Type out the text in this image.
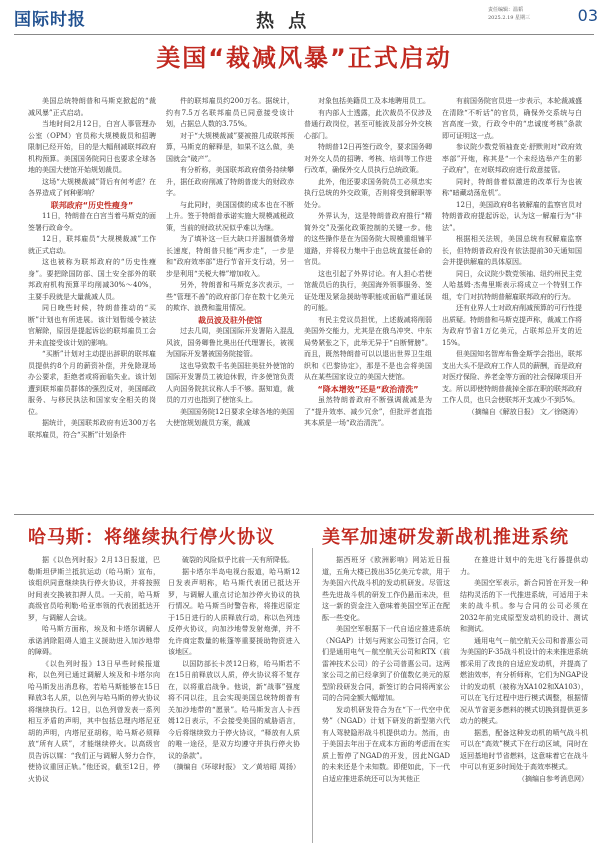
国际时报	热 点
责任编辑：温韬
2025.2.19 星期三	03
美国“裁减风暴”正式启动

美国总统特朗普和马斯克掀起的“裁减风暴”正式启动。

当地时间2月12日，白宫人事管理办公室（OPM）官员称大规模裁员和招聘限制已经开始，目的是大幅削减联邦政府机构预算。美国国务院同日也要求全球各地的美国大使馆开始规划裁员。

这场“大规模裁减”背后有何考虑？在各界造成了何种影响？

联邦政府“历史性瘦身”

11日，特朗普在白宫当着马斯克的面签署行政命令。

12日，联邦雇员“大规模裁减”工作就正式启动。

这也被称为联邦政府的“历史性瘦身”。要把除国防部、国土安全部外的联邦政府机构预算平均削减30%～40%，主要手段就是大量裁减人员。

同日晚些时候，特朗普推动的“买断”计划也有所进展。该计划暂缓令被法官解除，原因是提起诉讼的联邦雇员工会并未直接受该计划的影响。

“买断”计划对主动提出辞职的联邦雇员提供约8个月的薪资补偿，并免除现场办公要求，拒绝者或将面临失业。该计划遭到联邦雇员群体的强烈反对，美国邮政服务、与移民执法和国家安全相关的岗位。

据统计，美国联邦政府有近300万名联邦雇员，符合“买断”计划条件

件的联邦雇员约200万名。据统计，约有7.5万名联邦雇员已同意接受该计划，占据总人数的3.75%。

对于“大规模裁减”要被推几成联邦预算，马斯克的解释是，如果不这么做，美国就会“破产”。

有分析称，美国联邦政府债务持续攀升，据任政府削减了特朗普庞大的财政赤字。

与此同时，美国国债的成本也在不断上升。签于特朗普承诺实施大规模减税政策，当前的财政状况似乎难以为继。

为了填补这一巨大缺口并遏制债务增长速度，特朗普只能“两步走”，一步是和“政府效率部”进行节省开支行动，另一步是利用“关税大棒”增加收入。

另外，特朗普和马斯克多次表示，一些“管理不善”的政府部门存在数十亿美元的欺诈、浪费和滥用情况。

裁员波及驻外使馆

过去几周，美国国际开发署陷入混乱风波，国务卿鲁比奥出任代理署长，被视为国际开发署被国务院接管。

这也导致数千名美国驻美驻外使馆的国际开发署员工被迫休假，许多使馆负责人向国务院抗议称人手不够。据知道，裁员的刀刃也指到了使馆头上。

美国国务院12日要求全球各地的美国大使馆规划裁员方案，裁减

对象包括美籍员工及本地聘用员工。

有内部人士透露，此次裁员不仅涉及普通行政岗位，甚至可能波及部分外交核心部门。

特朗普12日再签行政令，要求国务卿对外交人员的招聘、考核、培训等工作进行改革，确保外交人员执行总统政策。

此外，他还要求国务院员工必须忠实执行总统的外交政策，否则将受到解职等处分。

外界认为，这是特朗普政府推行“精简外交”及强化政策控制的关键一步。他的这些操作是在为国务院大规模重组铺平道路，并将权力集中于由总统直接任命的官员。

这也引起了外界讨论。有人担心若使馆裁员后的执行，美国海外领事服务、签证处理及紧急援助等职能或面临严重延误的可能。

有民主党议员担忧，上述裁减将削弱美国外交能力，尤其是在俄乌冲突、中东局势紧张之下，此举无异于“自断臂膀”。而且，既然特朗普可以以退出世界卫生组织和《巴黎协定》，那是不是也会将美国从在某些国家设立的美国大使馆。

“降本增效”还是“政治清洗”

虽然特朗普政府不断强调裁减是为了“提升效率、减少冗余”，但批评者直指其本质是一场“政治清洗”。

有前国务院官员进一步表示，本轮裁减盛在清除“不听话”的官员，确保外交系统与白宫高度一致，行政令中的“忠诚度考核”条款即可证明这一点。

参议院少数党领袖查克·舒默则对“政府效率部”开炮，称其是“一个未经选举产生的影子政府”，在对联邦政府进行敌意接管。

同时，特朗普着似激进的改革行为也被称“暗藏动荡危机”。

12日，美国政府8名被解雇的监察官员对特朗普政府提起诉讼，认为这一解雇行为“非法”。

根据相关法规，美国总统有权解雇监察长，但特朗普政府没有依法提前30天通知国会并提供解雇的具体原因。

同日，众议院少数党领袖、纽约州民主党人哈基姆·杰弗里斯表示将成立一个特别工作组，专门对抗特朗普解雇联邦政府的行为。

还有业界人士对政府削减预算的可行性提出质疑。特朗普和马斯克提声称，裁减工作将为政府节省1万亿美元，占联邦总开支的近15%。

但美国知名智库布鲁金斯学会指出，联邦支出大头不是政府工作人员的薪酬，而是政府对医疗保险、养老金等方面的社会保障项目开支。所以即使特朗普裁掉全部在职的联邦政府工作人员，也只会使联邦开支减少不到5%。

（摘编自《解放日报》 文／徐晓涛）

哈马斯：将继续执行停火协议	美军加速研发新战机推进系统

据《以色列时报》2月13日报道，巴勒斯坦伊斯兰抵抗运动（哈马斯）宣布，该组织同意继续执行停火协议，并将按照时间表交换被扣押人员。一天前，哈马斯高级官员哈利勒·哈亚率领的代表团抵达开罗，与调解人会谈。

哈马斯方面称，埃及和卡塔尔调解人承诺消除阻碍人道主义援助进入加沙地带的障碍。

《以色列时报》13日早些时候报道称，以色列已通过调解人埃及和卡塔尔向哈马斯发出消息称，若哈马斯能够在15日释放3名人质，以色列与哈马斯的停火协议将继续执行。12日，以色列曾发表一系列相互矛盾的声明，其中包括总理内塔尼亚胡的声明，内塔尼亚胡称，哈马斯必须释放“所有人质”，才能继续停火。以高级官员告诉以媒：“我们正与调解人努力合作，使协议重回正轨。”他还说，截至12日，停火协议

破裂的风险似乎比前一天有所降低。

据卡塔尔半岛电视台报道，哈马斯12日发表声明称，哈马斯代表团已抵达开罗，与调解人重点讨论加沙停火协议的执行情况。哈马斯当时警告称，将推迟原定于15日进行的人质释放行动，称以色列违反停火协议，向加沙地带发射炮弹，并不允许商定数量的帐篷等重要援助物资进入该地区。

以国防部长卡茨12日称，哈马斯若不在15日前释放以人质，停火协议将不复存在，以将重启战争。他说，新“战事”强度将不同以往，且会实现美国总统特朗普有关加沙地带的“愿景”。哈马斯发言人卡西姆12日表示，不会接受美国的威胁语言，今后将继续致力于停火协议，“释放有人质的唯一途径，是双方均遵守并执行停火协议的条款”。

（摘编自《环球时报》 文／黄培昭 周扬）

据西班牙《欧洲影响》网站近日报道，五角大楼已拨出35亿美元专款，用于为美国六代战斗机的发动机研发。尽管这些先进战斗机的研发工作仍悬而未决，但这一新的资金注入意味着美国空军正在配酝一些变化。

美国空军根据下一代自适应推进系统（NGAP）计划与两家公司签订合同，它们是通用电气－航空航天公司和RTX（前雷神技术公司）的子公司普惠公司。这两家公司之前已经拿到了价值数亿美元的原型阶段研发合同，新签订的合同将两家公司的合同金额大幅增加。

发动机研发符合为在“下一代空中优势”（NGAD）计划下研发的新型第六代有人驾驶隐形战斗机提供动力。然而，由于美国去年出于在成本方面的考虑而在实质上暂停了NGAD的开发，因此NGAD的未来还是个未知数。即便如此，下一代自适应推进系统还可以为其他正

在推进计划中的先进飞行器提供动力。

美国空军表示，新合同旨在开发一种结构灵活的下一代推进系统，可适用于未来的战斗机。参与合同的公司必须在2032年前完成原型发动机的设计、测试和测试。

通用电气－航空航天公司和普惠公司为美国的F-35战斗机设计的未来推进系统都采用了改良的自适应发动机，并提高了燃油效率，有分析师称，它们为NGAP设计的发动机（被称为XA102和XA103），可以在飞行过程中进行模式调整，根据情况从节省更多燃料的模式切换到提供更多动力的模式。

据悉，配备这种发动机的喷气战斗机可以在“高效”模式下在行动区域，同时在返回基地时节省燃料，这意味着它在战斗中可以有更多时间处于高效率模式。

（摘编自参考消息网）
